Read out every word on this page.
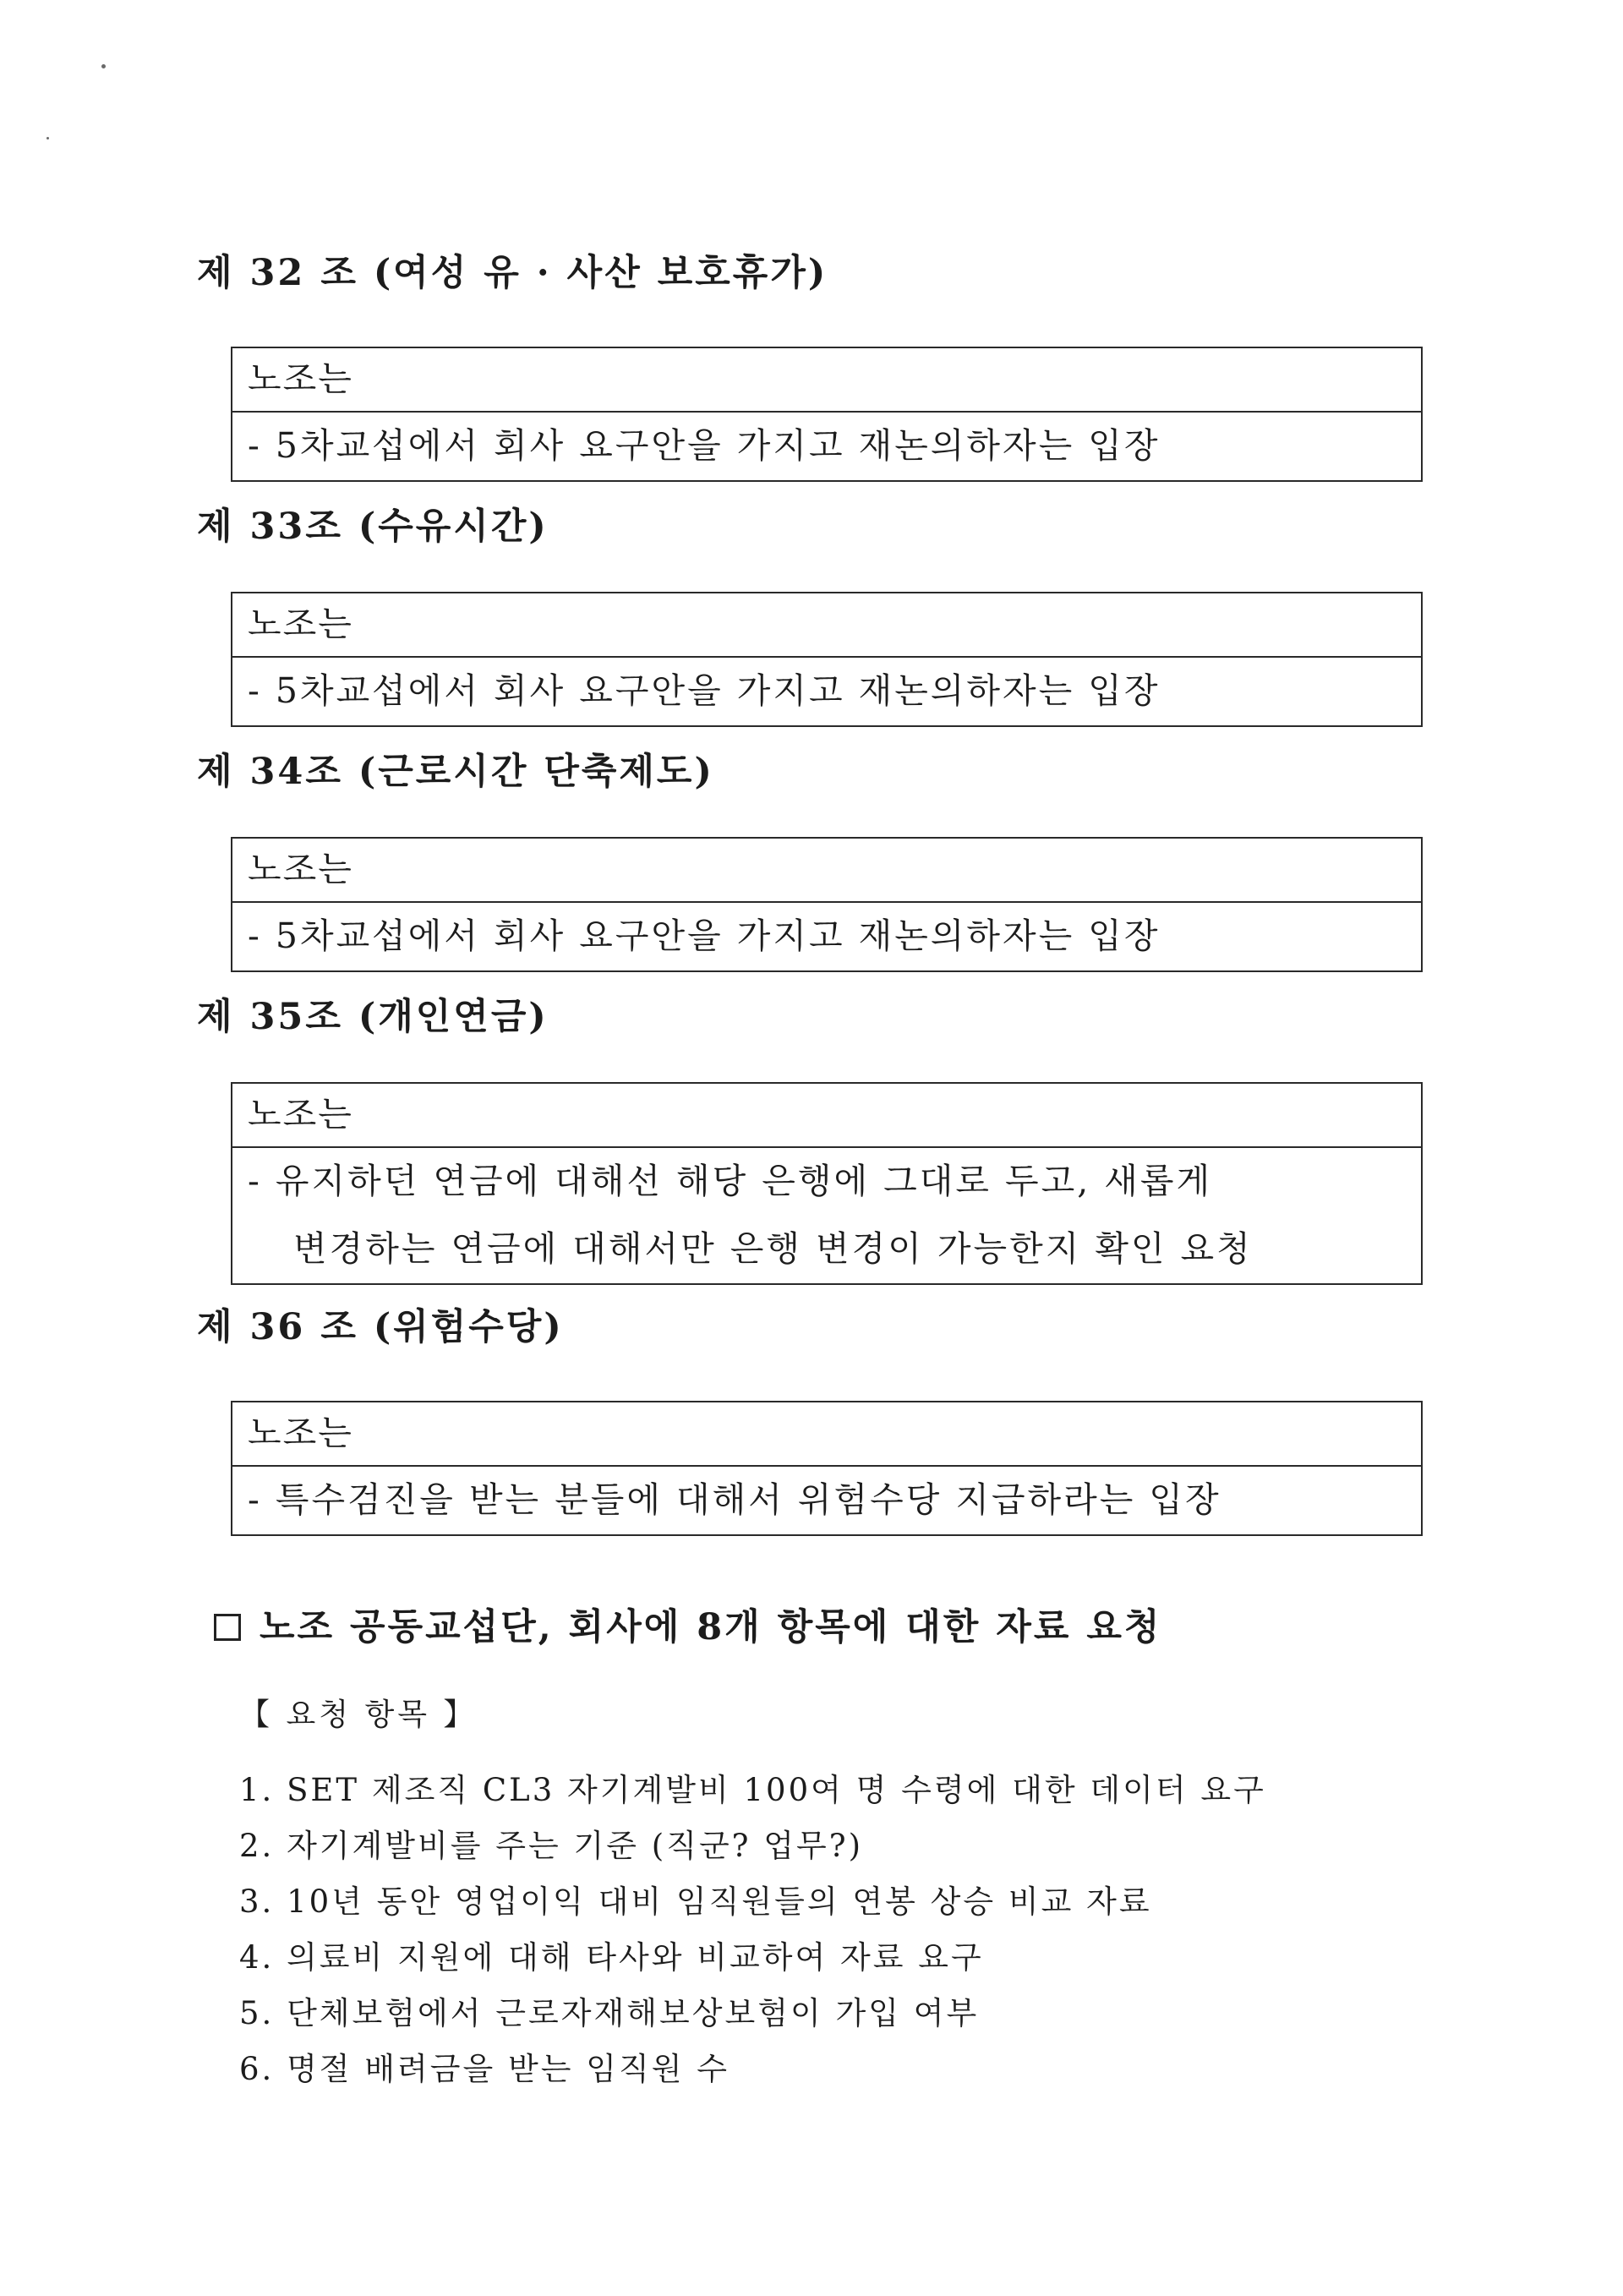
제 32 조 (여성 유 · 사산 보호휴가)
노조는
- 5차교섭에서 회사 요구안을 가지고 재논의하자는 입장
제 33조 (수유시간)
노조는
- 5차교섭에서 회사 요구안을 가지고 재논의하자는 입장
제 34조 (근로시간 단축제도)
노조는
- 5차교섭에서 회사 요구안을 가지고 재논의하자는 입장
제 35조 (개인연금)
노조는
- 유지하던 연금에 대해선 해당 은행에 그대로 두고, 새롭게
변경하는 연금에 대해서만 은행 변경이 가능한지 확인 요청
제 36 조 (위험수당)
노조는
- 특수검진을 받는 분들에 대해서 위험수당 지급하라는 입장
노조 공동교섭단, 회사에 8개 항목에 대한 자료 요청
【 요청 항목 】
1. SET 제조직 CL3 자기계발비 100여 명 수령에 대한 데이터 요구
2. 자기계발비를 주는 기준 (직군? 업무?)
3. 10년 동안 영업이익 대비 임직원들의 연봉 상승 비교 자료
4. 의료비 지원에 대해 타사와 비교하여 자료 요구
5. 단체보험에서 근로자재해보상보험이 가입 여부
6. 명절 배려금을 받는 임직원 수
